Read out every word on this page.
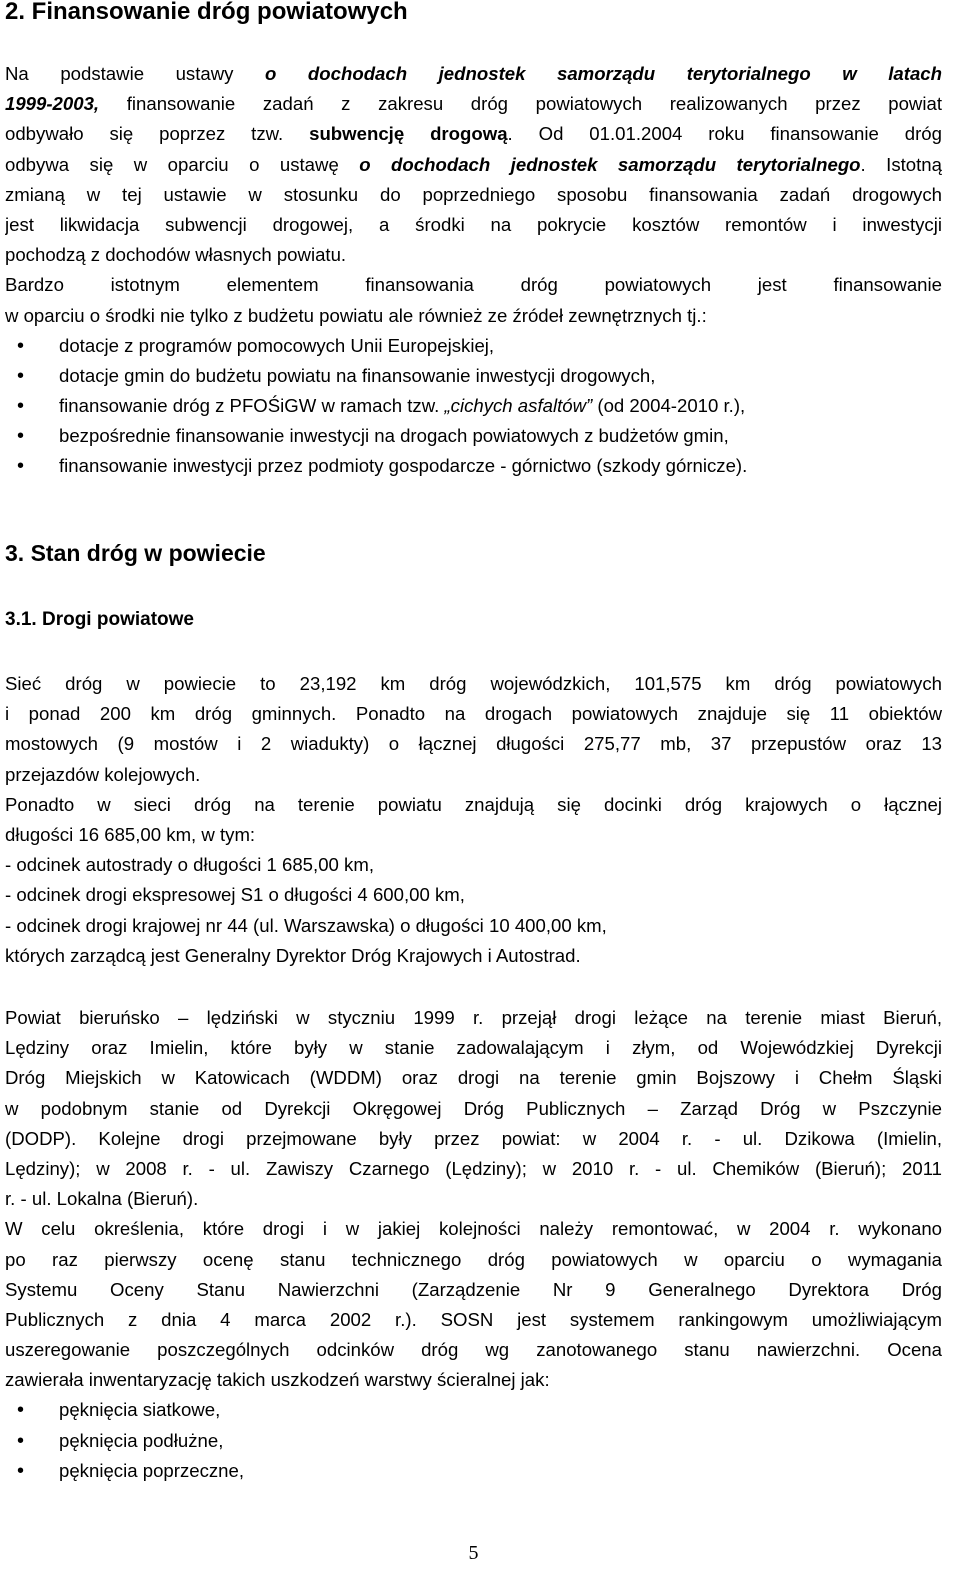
2. Finansowanie dróg powiatowych
Na podstawie ustawy o dochodach jednostek samorządu terytorialnego w latach
1999-2003, finansowanie zadań z zakresu dróg powiatowych realizowanych przez powiat
odbywało się poprzez tzw. subwencję drogową. Od 01.01.2004 roku finansowanie dróg
odbywa się w oparciu o ustawę o dochodach jednostek samorządu terytorialnego. Istotną
zmianą w tej ustawie w stosunku do poprzedniego sposobu finansowania zadań drogowych
jest likwidacja subwencji drogowej, a środki na pokrycie kosztów remontów i inwestycji
pochodzą z dochodów własnych powiatu.
Bardzo istotnym elementem finansowania dróg powiatowych jest finansowanie
w oparciu o środki nie tylko z budżetu powiatu ale również ze źródeł zewnętrznych tj.:
• dotacje z programów pomocowych Unii Europejskiej,
• dotacje gmin do budżetu powiatu na finansowanie inwestycji drogowych,
• finansowanie dróg z PFOŚiGW w ramach tzw. „cichych asfaltów” (od 2004-2010 r.),
• bezpośrednie finansowanie inwestycji na drogach powiatowych z budżetów gmin,
• finansowanie inwestycji przez podmioty gospodarcze - górnictwo (szkody górnicze).
3. Stan dróg w powiecie
3.1. Drogi powiatowe
Sieć dróg w powiecie to 23,192 km dróg wojewódzkich, 101,575 km dróg powiatowych
i ponad 200 km dróg gminnych. Ponadto na drogach powiatowych znajduje się 11 obiektów
mostowych (9 mostów i 2 wiadukty) o łącznej długości 275,77 mb, 37 przepustów oraz 13
przejazdów kolejowych.
Ponadto w sieci dróg na terenie powiatu znajdują się docinki dróg krajowych o łącznej
długości 16 685,00 km, w tym:
- odcinek autostrady o długości 1 685,00 km,
- odcinek drogi ekspresowej S1 o długości 4 600,00 km,
- odcinek drogi krajowej nr 44 (ul. Warszawska) o długości 10 400,00 km,
których zarządcą jest Generalny Dyrektor Dróg Krajowych i Autostrad.
Powiat bieruńsko – lędziński w styczniu 1999 r. przejął drogi leżące na terenie miast Bieruń,
Lędziny oraz Imielin, które były w stanie zadowalającym i złym, od Wojewódzkiej Dyrekcji
Dróg Miejskich w Katowicach (WDDM) oraz drogi na terenie gmin Bojszowy i Chełm Śląski
w podobnym stanie od Dyrekcji Okręgowej Dróg Publicznych – Zarząd Dróg w Pszczynie
(DODP). Kolejne drogi przejmowane były przez powiat: w 2004 r. - ul. Dzikowa (Imielin,
Lędziny); w 2008 r. - ul. Zawiszy Czarnego (Lędziny); w 2010 r. - ul. Chemików (Bieruń); 2011
r. - ul. Lokalna (Bieruń).
W celu określenia, które drogi i w jakiej kolejności należy remontować, w 2004 r. wykonano
po raz pierwszy ocenę stanu technicznego dróg powiatowych w oparciu o wymagania
Systemu Oceny Stanu Nawierzchni (Zarządzenie Nr 9 Generalnego Dyrektora Dróg
Publicznych z dnia 4 marca 2002 r.). SOSN jest systemem rankingowym umożliwiającym
uszeregowanie poszczególnych odcinków dróg wg zanotowanego stanu nawierzchni. Ocena
zawierała inwentaryzację takich uszkodzeń warstwy ścieralnej jak:
• pęknięcia siatkowe,
• pęknięcia podłużne,
• pęknięcia poprzeczne,
5
